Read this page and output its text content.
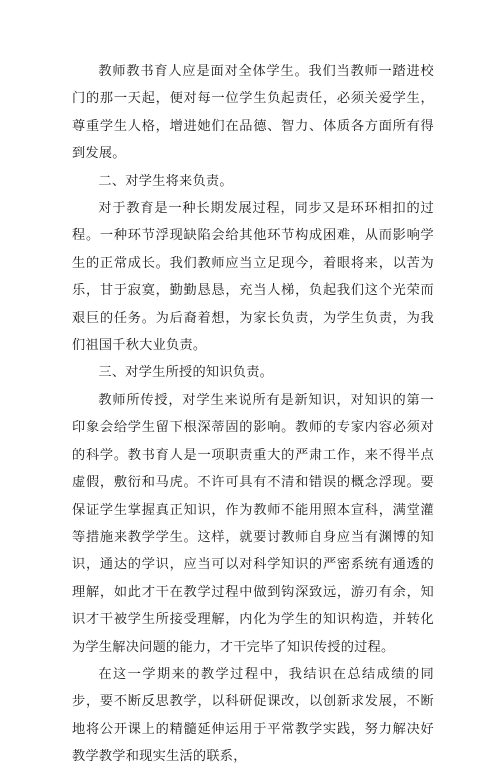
教师教书育人应是面对全体学生。我们当教师一踏进校门的那一天起，便对每一位学生负起责任，必须关爱学生，尊重学生人格，增进她们在品德、智力、体质各方面所有得到发展。

二、对学生将来负责。

对于教育是一种长期发展过程，同步又是环环相扣的过程。一种环节浮现缺陷会给其他环节构成困难，从而影响学生的正常成长。我们教师应当立足现今，着眼将来，以苦为乐，甘于寂寞，勤勤恳恳，充当人梯，负起我们这个光荣而艰巨的任务。为后裔着想，为家长负责，为学生负责，为我们祖国千秋大业负责。

三、对学生所授的知识负责。

教师所传授，对学生来说所有是新知识，对知识的第一印象会给学生留下根深蒂固的影响。教师的专家内容必须对的科学。教书育人是一项职责重大的严肃工作，来不得半点虚假，敷衍和马虎。不许可具有不清和错误的概念浮现。要保证学生掌握真正知识，作为教师不能用照本宣科，满堂灌等措施来教学学生。这样，就要讨教师自身应当有渊博的知识，通达的学识，应当可以对科学知识的严密系统有通透的理解，如此才干在教学过程中做到钩深致远，游刃有余，知识才干被学生所接受理解，内化为学生的知识构造，并转化为学生解决问题的能力，才干完毕了知识传授的过程。

在这一学期来的教学过程中，我结识在总结成绩的同步，要不断反思教学，以科研促课改，以创新求发展，不断地将公开课上的精髓延伸运用于平常教学实践，努力解决好教学教学和现实生活的联系，
